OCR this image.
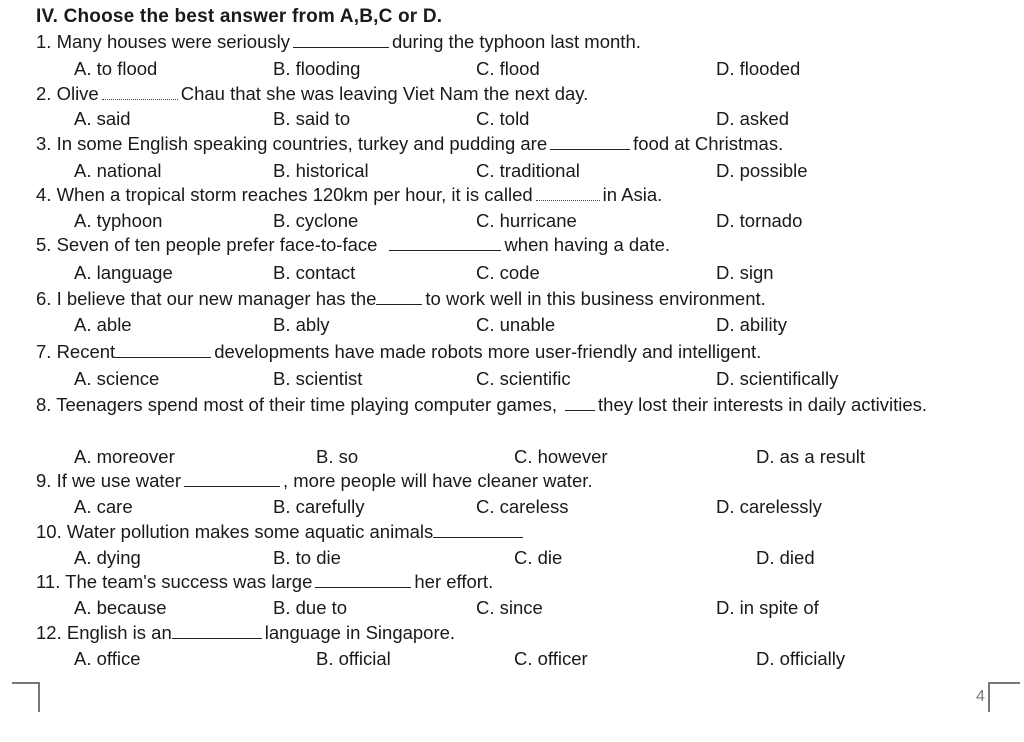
IV. Choose the best answer from A,B,C or D.
1. Many houses were seriously	during the typhoon last month.
A. to flood	B. flooding	C. flood	D. flooded
2. Olive	Chau that she was leaving Viet Nam the next day.
A. said	B. said to	C. told	D. asked
3. In some English speaking countries, turkey and pudding are	food at Christmas.
A. national	B. historical	C. traditional	D. possible
4. When a tropical storm reaches 120km per hour, it is called	in Asia.
A. typhoon	B. cyclone	C. hurricane	D. tornado
5. Seven of ten people prefer face-to-face	when having a date.
A. language	B. contact	C. code	D. sign
6. I believe that our new manager has the	to work well in this business environment.
A. able	B. ably	C. unable	D. ability
7. Recent	developments have made robots more user-friendly and intelligent.
A. science	B. scientist	C. scientific	D. scientifically
8. Teenagers spend most of their time playing computer games, they lost their interests in daily activities.
A. moreover	B. so	C. however	D. as a result
9. If we use water	, more people will have cleaner water.
A. care	B. carefully	C. careless	D. carelessly
10. Water pollution makes some aquatic animals
A. dying	B. to die	C. die	D. died
11. The team's success was large	her effort.
A. because	B. due to	C. since	D. in spite of
12. English is an	language in Singapore.
A. office	B. official	C. officer	D. officially
4
